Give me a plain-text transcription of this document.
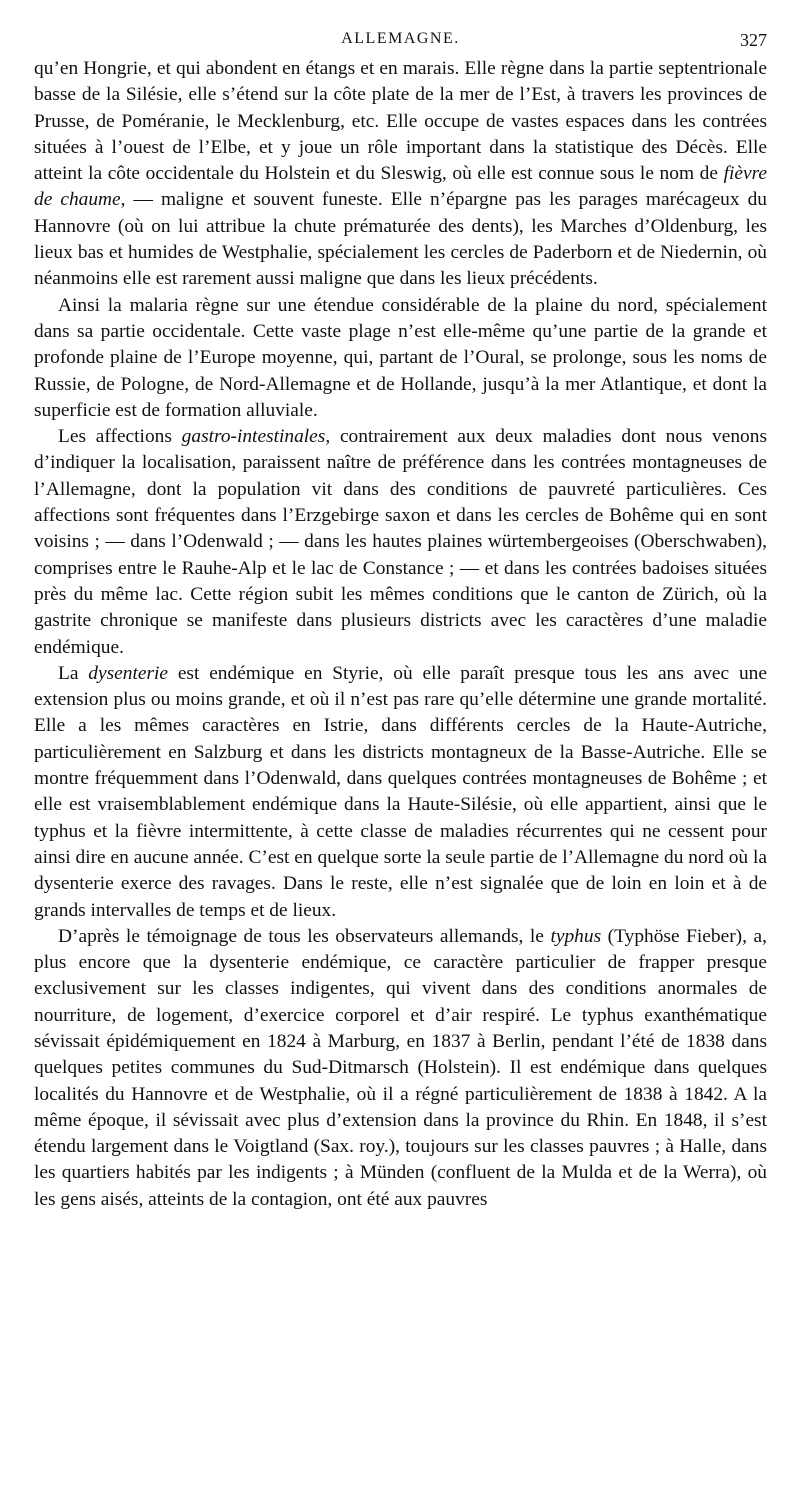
ALLEMAGNE.	327

qu’en Hongrie, et qui abondent en étangs et en marais. Elle règne dans la partie septentrionale basse de la Silésie, elle s’étend sur la côte plate de la mer de l’Est, à travers les provinces de Prusse, de Poméranie, le Mecklenburg, etc. Elle occupe de vastes espaces dans les contrées situées à l’ouest de l’Elbe, et y joue un rôle important dans la statistique des Décès. Elle atteint la côte occidentale du Holstein et du Sleswig, où elle est connue sous le nom de fièvre de chaume, — maligne et souvent funeste. Elle n’épargne pas les parages marécageux du Hannovre (où on lui attribue la chute prématurée des dents), les Marches d’Oldenburg, les lieux bas et humides de Westphalie, spécialement les cercles de Paderborn et de Niedernin, où néanmoins elle est rarement aussi maligne que dans les lieux précédents.

Ainsi la malaria règne sur une étendue considérable de la plaine du nord, spécialement dans sa partie occidentale. Cette vaste plage n’est elle-même qu’une partie de la grande et profonde plaine de l’Europe moyenne, qui, partant de l’Oural, se prolonge, sous les noms de Russie, de Pologne, de Nord-Allemagne et de Hollande, jusqu’à la mer Atlantique, et dont la superficie est de formation alluviale.

Les affections gastro-intestinales, contrairement aux deux maladies dont nous venons d’indiquer la localisation, paraissent naître de préférence dans les contrées montagneuses de l’Allemagne, dont la population vit dans des conditions de pauvreté particulières. Ces affections sont fréquentes dans l’Erzgebirge saxon et dans les cercles de Bohême qui en sont voisins ; — dans l’Odenwald ; — dans les hautes plaines würtembergeoises (Oberschwaben), comprises entre le Rauhe-Alp et le lac de Constance ; — et dans les contrées badoises situées près du même lac. Cette région subit les mêmes conditions que le canton de Zürich, où la gastrite chronique se manifeste dans plusieurs districts avec les caractères d’une maladie endémique.

La dysenterie est endémique en Styrie, où elle paraît presque tous les ans avec une extension plus ou moins grande, et où il n’est pas rare qu’elle détermine une grande mortalité. Elle a les mêmes caractères en Istrie, dans différents cercles de la Haute-Autriche, particulièrement en Salzburg et dans les districts montagneux de la Basse-Autriche. Elle se montre fréquemment dans l’Odenwald, dans quelques contrées montagneuses de Bohême ; et elle est vraisemblablement endémique dans la Haute-Silésie, où elle appartient, ainsi que le typhus et la fièvre intermittente, à cette classe de maladies récurrentes qui ne cessent pour ainsi dire en aucune année. C’est en quelque sorte la seule partie de l’Allemagne du nord où la dysenterie exerce des ravages. Dans le reste, elle n’est signalée que de loin en loin et à de grands intervalles de temps et de lieux.

D’après le témoignage de tous les observateurs allemands, le typhus (Typhöse Fieber), a, plus encore que la dysenterie endémique, ce caractère particulier de frapper presque exclusivement sur les classes indigentes, qui vivent dans des conditions anormales de nourriture, de logement, d’exercice corporel et d’air respiré. Le typhus exanthématique sévissait épidémiquement en 1824 à Marburg, en 1837 à Berlin, pendant l’été de 1838 dans quelques petites communes du Sud-Ditmarsch (Holstein). Il est endémique dans quelques localités du Hannovre et de Westphalie, où il a régné particulièrement de 1838 à 1842. A la même époque, il sévissait avec plus d’extension dans la province du Rhin. En 1848, il s’est étendu largement dans le Voigtland (Sax. roy.), toujours sur les classes pauvres ; à Halle, dans les quartiers habités par les indigents ; à Münden (confluent de la Mulda et de la Werra), où les gens aisés, atteints de la contagion, ont été aux pauvres
